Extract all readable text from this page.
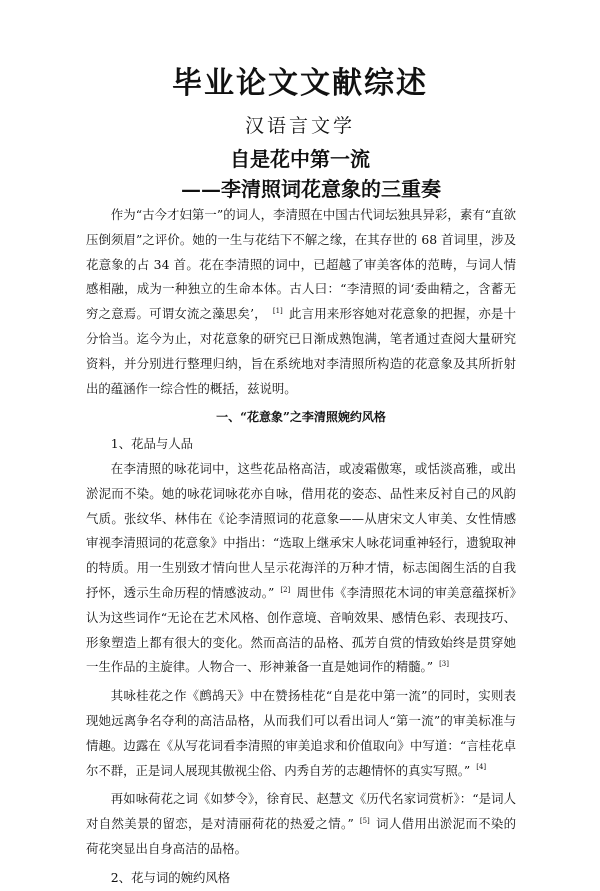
毕业论文文献综述
汉语言文学
自是花中第一流
——李清照词花意象的三重奏

作为“古今才妇第一”的词人，李清照在中国古代词坛独具异彩，素有“直欲压倒须眉”之评价。她的一生与花结下不解之缘，在其存世的 68 首词里，涉及花意象的占 34 首。花在李清照的词中，已超越了审美客体的范畴，与词人情感相融，成为一种独立的生命本体。古人曰：“李清照的词‘委曲精之，含蓄无穷之意焉。可谓女流之藻思矣’， [1] 此言用来形容她对花意象的把握，亦是十分恰当。迄今为止，对花意象的研究已日渐成熟饱满，笔者通过查阅大量研究资料，并分别进行整理归纳，旨在系统地对李清照所构造的花意象及其所折射出的蕴涵作一综合性的概括，兹说明。

一、“花意象”之李清照婉约风格

1、花品与人品

在李清照的咏花词中，这些花品格高洁，或凌霜傲寒，或恬淡高雅，或出淤泥而不染。她的咏花词咏花亦自咏，借用花的姿态、品性来反衬自己的风韵气质。张纹华、林伟在《论李清照词的花意象——从唐宋文人审美、女性情感审视李清照词的花意象》中指出：“选取上继承宋人咏花词重神轻行，遗貌取神的特质。用一生别致才情向世人呈示花海洋的万种才情，标志闺阁生活的自我抒怀，透示生命历程的情感波动。” [2] 周世伟《李清照花木词的审美意蕴探析》认为这些词作“无论在艺术风格、创作意境、音响效果、感情色彩、表现技巧、形象塑造上都有很大的变化。然而高洁的品格、孤芳自赏的情致始终是贯穿她一生作品的主旋律。人物合一、形神兼备一直是她词作的精髓。” [3]

其咏桂花之作《鹧鸪天》中在赞扬桂花“自是花中第一流”的同时，实则表现她远离争名夺利的高洁品格，从而我们可以看出词人“第一流”的审美标准与情趣。边露在《从写花词看李清照的审美追求和价值取向》中写道：“言桂花卓尔不群，正是词人展现其傲视尘俗、内秀自芳的志趣情怀的真实写照。” [4]

再如咏荷花之词《如梦令》，徐育民、赵慧文《历代名家词赏析》：“是词人对自然美景的留恋，是对清丽荷花的热爱之情。” [5] 词人借用出淤泥而不染的荷花突显出自身高洁的品格。

2、花与词的婉约风格
